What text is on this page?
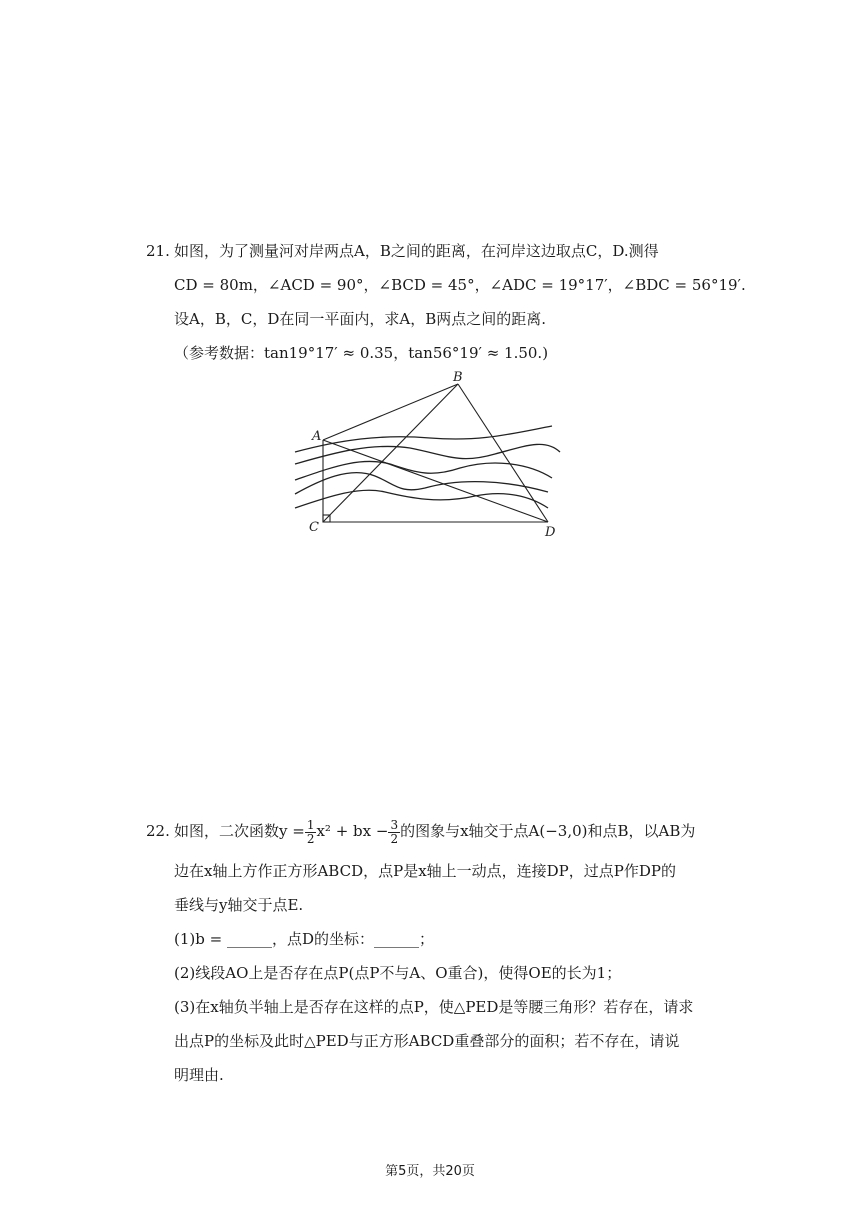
21. 如图，为了测量河对岸两点A，B之间的距离，在河岸这边取点C，D.测得
CD = 80m，∠ACD = 90°，∠BCD = 45°，∠ADC = 19°17′，∠BDC = 56°19′.
设A，B，C，D在同一平面内，求A，B两点之间的距离.
（参考数据：tan19°17′ ≈ 0.35，tan56°19′ ≈ 1.50.)
A
B
C	D
22. 如图，二次函数$y = \frac{1}{2} x^2$ + bx − $\frac{3}{2}$ 的图象与x轴交于点A(−3,0)和点B，以AB为
边在x轴上方作正方形ABCD，点P是x轴上一动点，连接DP，过点P作DP的
垂线与y轴交于点E.
(1)b = ______，点D的坐标：______；
(2)线段AO上是否存在点P(点P不与A、O重合)，使得OE的长为1；
(3)在x轴负半轴上是否存在这样的点P，使△PED是等腰三角形？若存在，请求
出点P的坐标及此时△PED与正方形ABCD重叠部分的面积；若不存在，请说
明理由.
第5页，共20页
